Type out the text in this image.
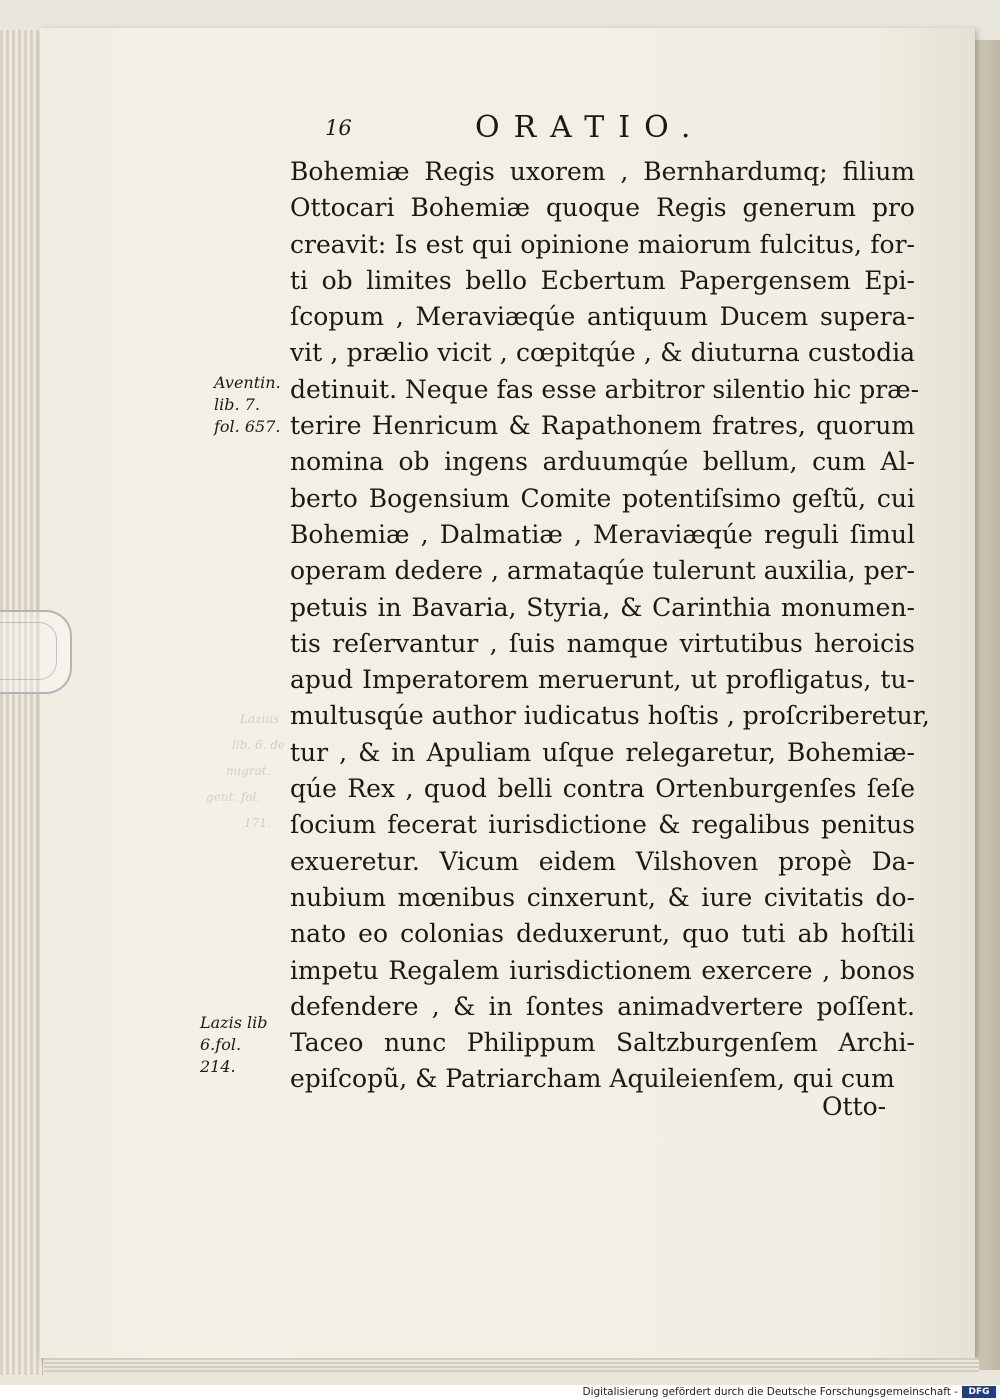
Lazius
lib. 6. de
migrat.
gent. fol.
171.
16	ORATIO.
Bohemiæ Regis uxorem , Bernhardumq; filium
Ottocari Bohemiæ quoque Regis generum pro
creavit: Is est qui opinione maiorum fulcitus, for-
ti ob limites bello Ecbertum Papergensem Epi-
ſcopum , Meraviæqúe antiquum Ducem supera-
vit , prælio vicit , cœpitqúe , & diuturna custodia
detinuit. Neque fas esse arbitror silentio hic præ-
terire Henricum & Rapathonem fratres, quorum
nomina ob ingens arduumqúe bellum, cum Al-
berto Bogensium Comite potentiſsimo geſtũ, cui
Bohemiæ , Dalmatiæ , Meraviæqúe reguli ſimul
operam dedere , armataqúe tulerunt auxilia, per-
petuis in Bavaria, Styria, & Carinthia monumen-
tis reſervantur , ſuis namque virtutibus heroicis
apud Imperatorem meruerunt, ut profligatus, tu-
multusqúe author iudicatus hoſtis , proſcriberetur,
tur , & in Apuliam uſque relegaretur, Bohemiæ-
qúe Rex , quod belli contra Ortenburgenſes ſeſe
ſocium fecerat iurisdictione & regalibus penitus
exueretur. Vicum eidem Vilshoven propè Da-
nubium mœnibus cinxerunt, & iure civitatis do-
nato eo colonias deduxerunt, quo tuti ab hoſtili
impetu Regalem iurisdictionem exercere , bonos
defendere , & in ſontes animadvertere poſſent.
Taceo nunc Philippum Saltzburgenſem Archi-
epiſcopũ, & Patriarcham Aquileienſem, qui cum
Otto-
Aventin.
lib. 7.
fol. 657.
Lazis lib
6.fol.
214.
Digitalisierung gefördert durch die Deutsche Forschungsgemeinschaft -	DFG
